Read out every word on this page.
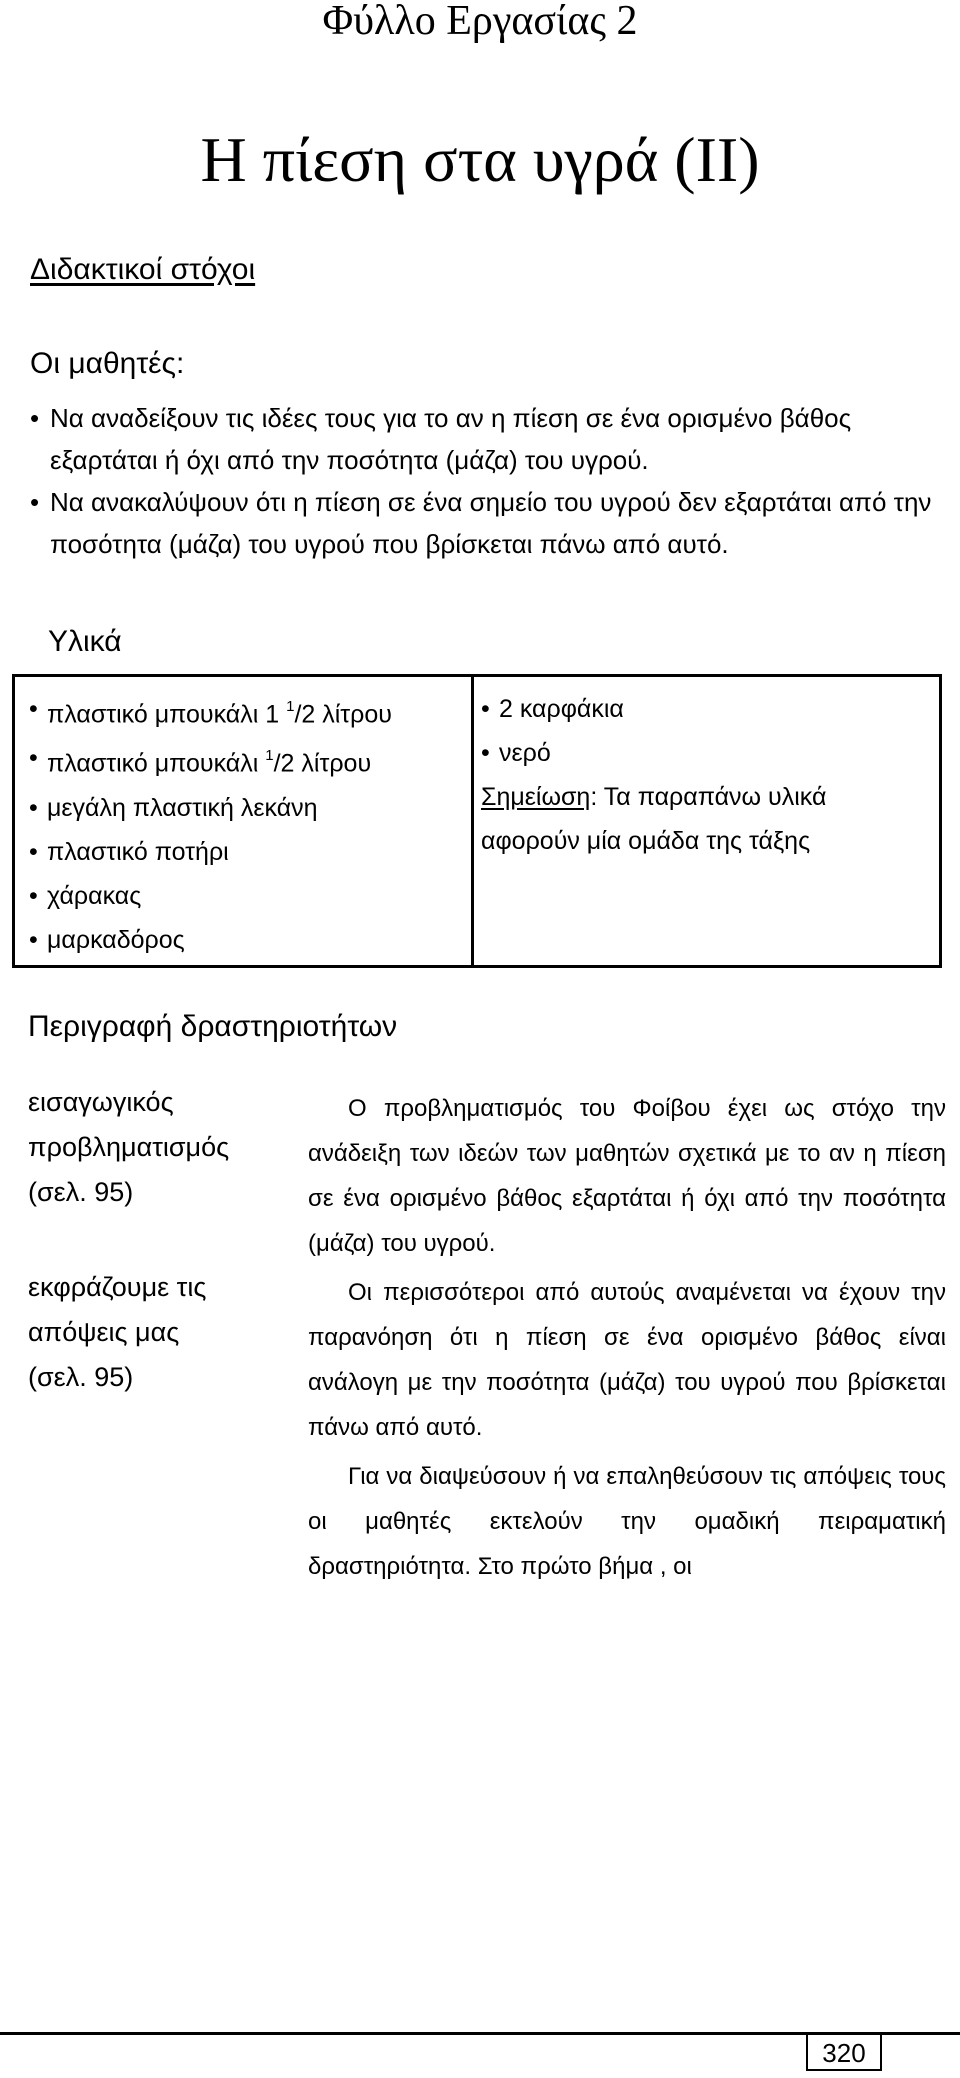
Φύλλο Εργασίας 2
Η πίεση στα υγρά (ΙΙ)
Διδακτικοί στόχοι
Οι μαθητές:
• Να αναδείξουν τις ιδέες τους για το αν η πίεση σε ένα ορισμένο βάθος εξαρτάται ή όχι από την ποσότητα (μάζα) του υγρού.
• Να ανακαλύψουν ότι η πίεση σε ένα σημείο του υγρού δεν εξαρτάται από την ποσότητα (μάζα) του υγρού που βρίσκεται πάνω από αυτό.
Υλικά
• πλαστικό μπουκάλι 1 $^1$/2 λίτρου
• πλαστικό μπουκάλι $^1$/2 λίτρου
• μεγάλη πλαστική λεκάνη
• πλαστικό ποτήρι
• χάρακας
• μαρκαδόρος
• 2 καρφάκια
• νερό
Σημείωση: Τα παραπάνω υλικά αφορούν μία ομάδα της τάξης
Περιγραφή δραστηριοτήτων
εισαγωγικός
προβληματισμός
(σελ. 95)
εκφράζουμε τις
απόψεις μας
(σελ. 95)

Ο προβληματισμός του Φοίβου έχει ως στόχο την ανάδειξη των ιδεών των μαθητών σχετικά με το αν η πίεση σε ένα ορισμένο βάθος εξαρτάται ή όχι από την ποσότητα (μάζα) του υγρού.

Οι περισσότεροι από αυτούς αναμένεται να έχουν την παρανόηση ότι η πίεση σε ένα ορισμένο βάθος είναι ανάλογη με την ποσότητα (μάζα) του υγρού που βρίσκεται πάνω από αυτό.

Για να διαψεύσουν ή να επαληθεύσουν τις απόψεις τους οι μαθητές εκτελούν την ομαδική πειραματική δραστηριότητα. Στο πρώτο βήμα , οι

320
